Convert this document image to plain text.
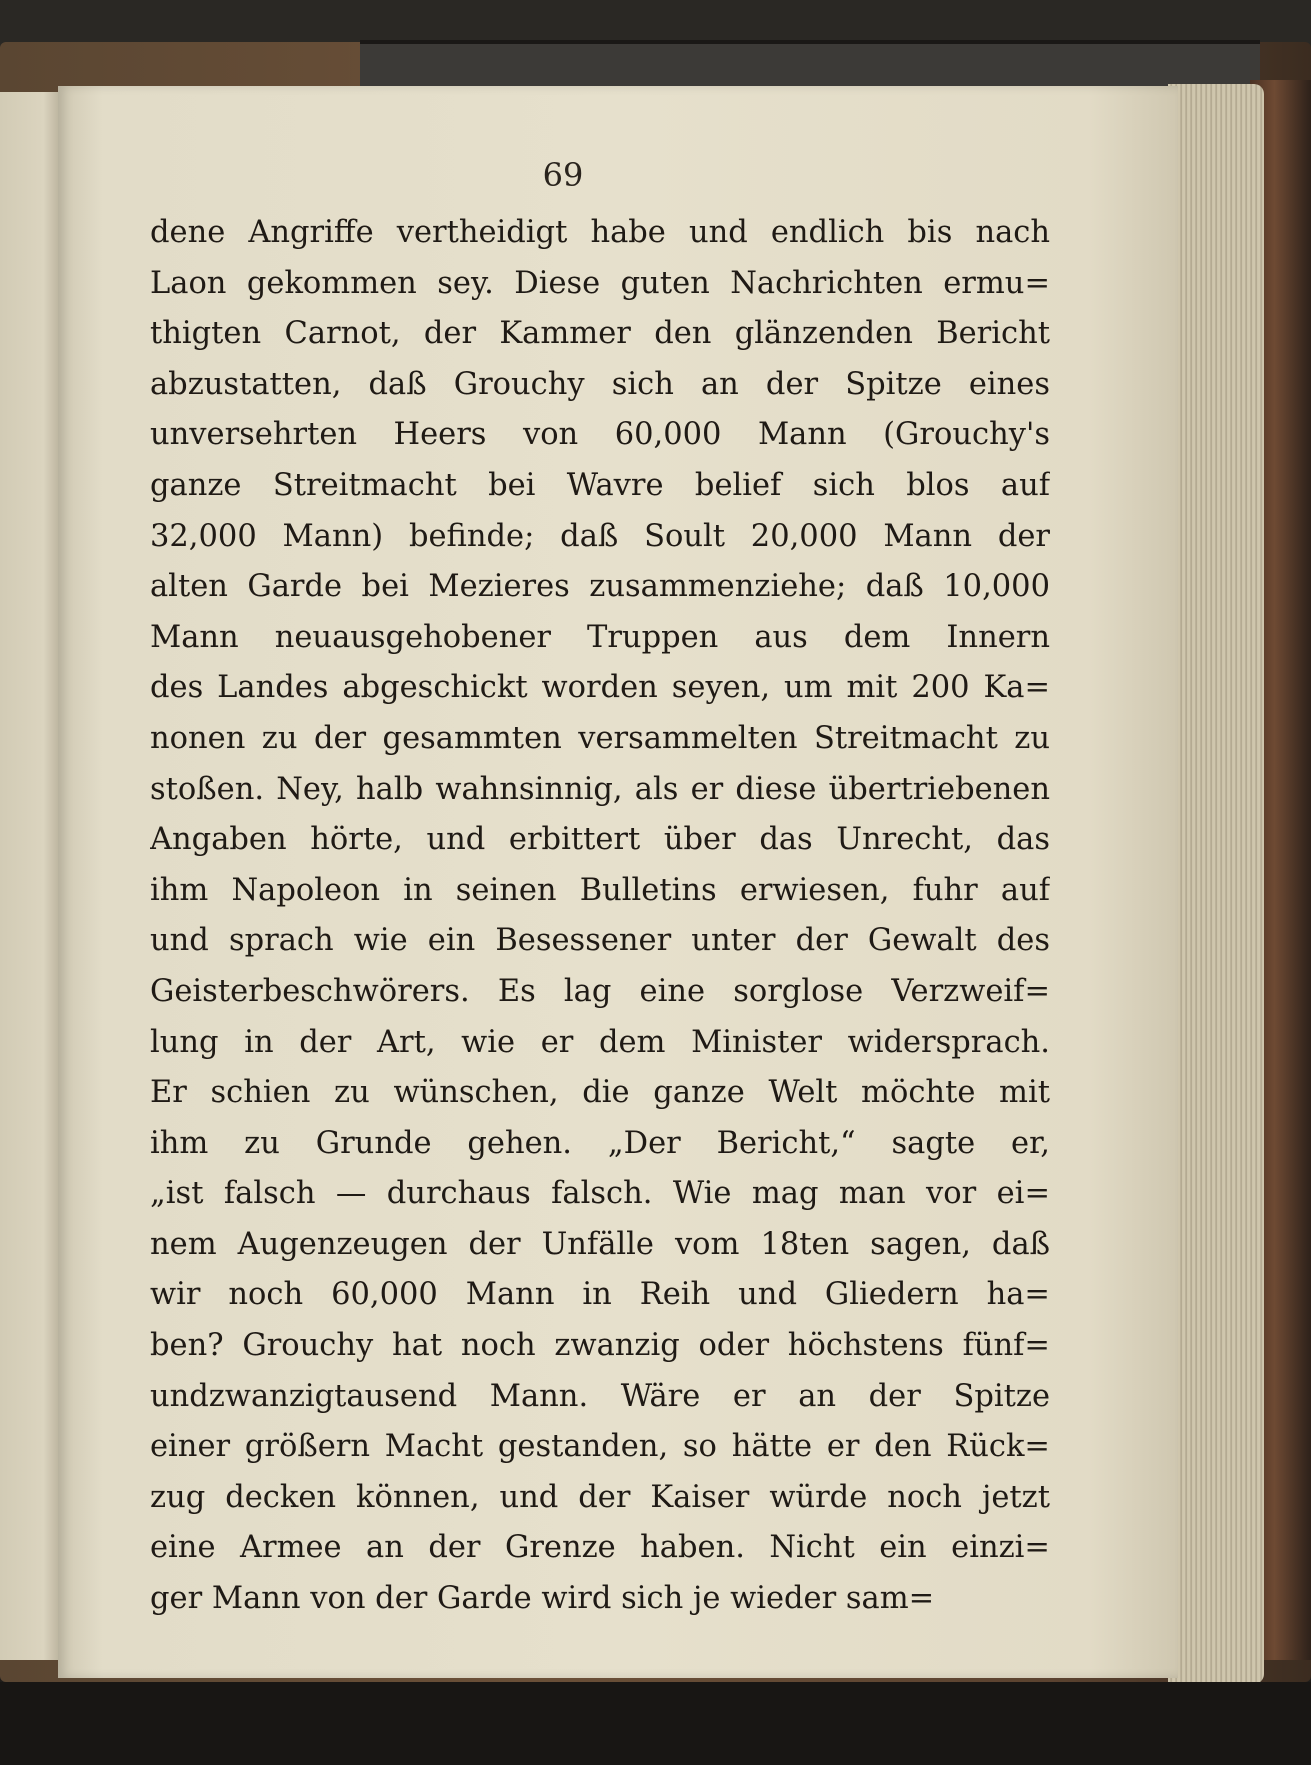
69
dene Angriffe vertheidigt habe und endlich bis nach
Laon gekommen sey. Diese guten Nachrichten ermu=
thigten Carnot, der Kammer den glänzenden Bericht
abzustatten, daß Grouchy sich an der Spitze eines
unversehrten Heers von 60,000 Mann (Grouchy's
ganze Streitmacht bei Wavre belief sich blos auf
32,000 Mann) befinde; daß Soult 20,000 Mann der
alten Garde bei Mezieres zusammenziehe; daß 10,000
Mann neuausgehobener Truppen aus dem Innern
des Landes abgeschickt worden seyen, um mit 200 Ka=
nonen zu der gesammten versammelten Streitmacht zu
stoßen. Ney, halb wahnsinnig, als er diese übertriebenen
Angaben hörte, und erbittert über das Unrecht, das
ihm Napoleon in seinen Bulletins erwiesen, fuhr auf
und sprach wie ein Besessener unter der Gewalt des
Geisterbeschwörers. Es lag eine sorglose Verzweif=
lung in der Art, wie er dem Minister widersprach.
Er schien zu wünschen, die ganze Welt möchte mit
ihm zu Grunde gehen. „Der Bericht,“ sagte er,
„ist falsch — durchaus falsch. Wie mag man vor ei=
nem Augenzeugen der Unfälle vom 18ten sagen, daß
wir noch 60,000 Mann in Reih und Gliedern ha=
ben? Grouchy hat noch zwanzig oder höchstens fünf=
undzwanzigtausend Mann. Wäre er an der Spitze
einer größern Macht gestanden, so hätte er den Rück=
zug decken können, und der Kaiser würde noch jetzt
eine Armee an der Grenze haben. Nicht ein einzi=
ger Mann von der Garde wird sich je wieder sam=
